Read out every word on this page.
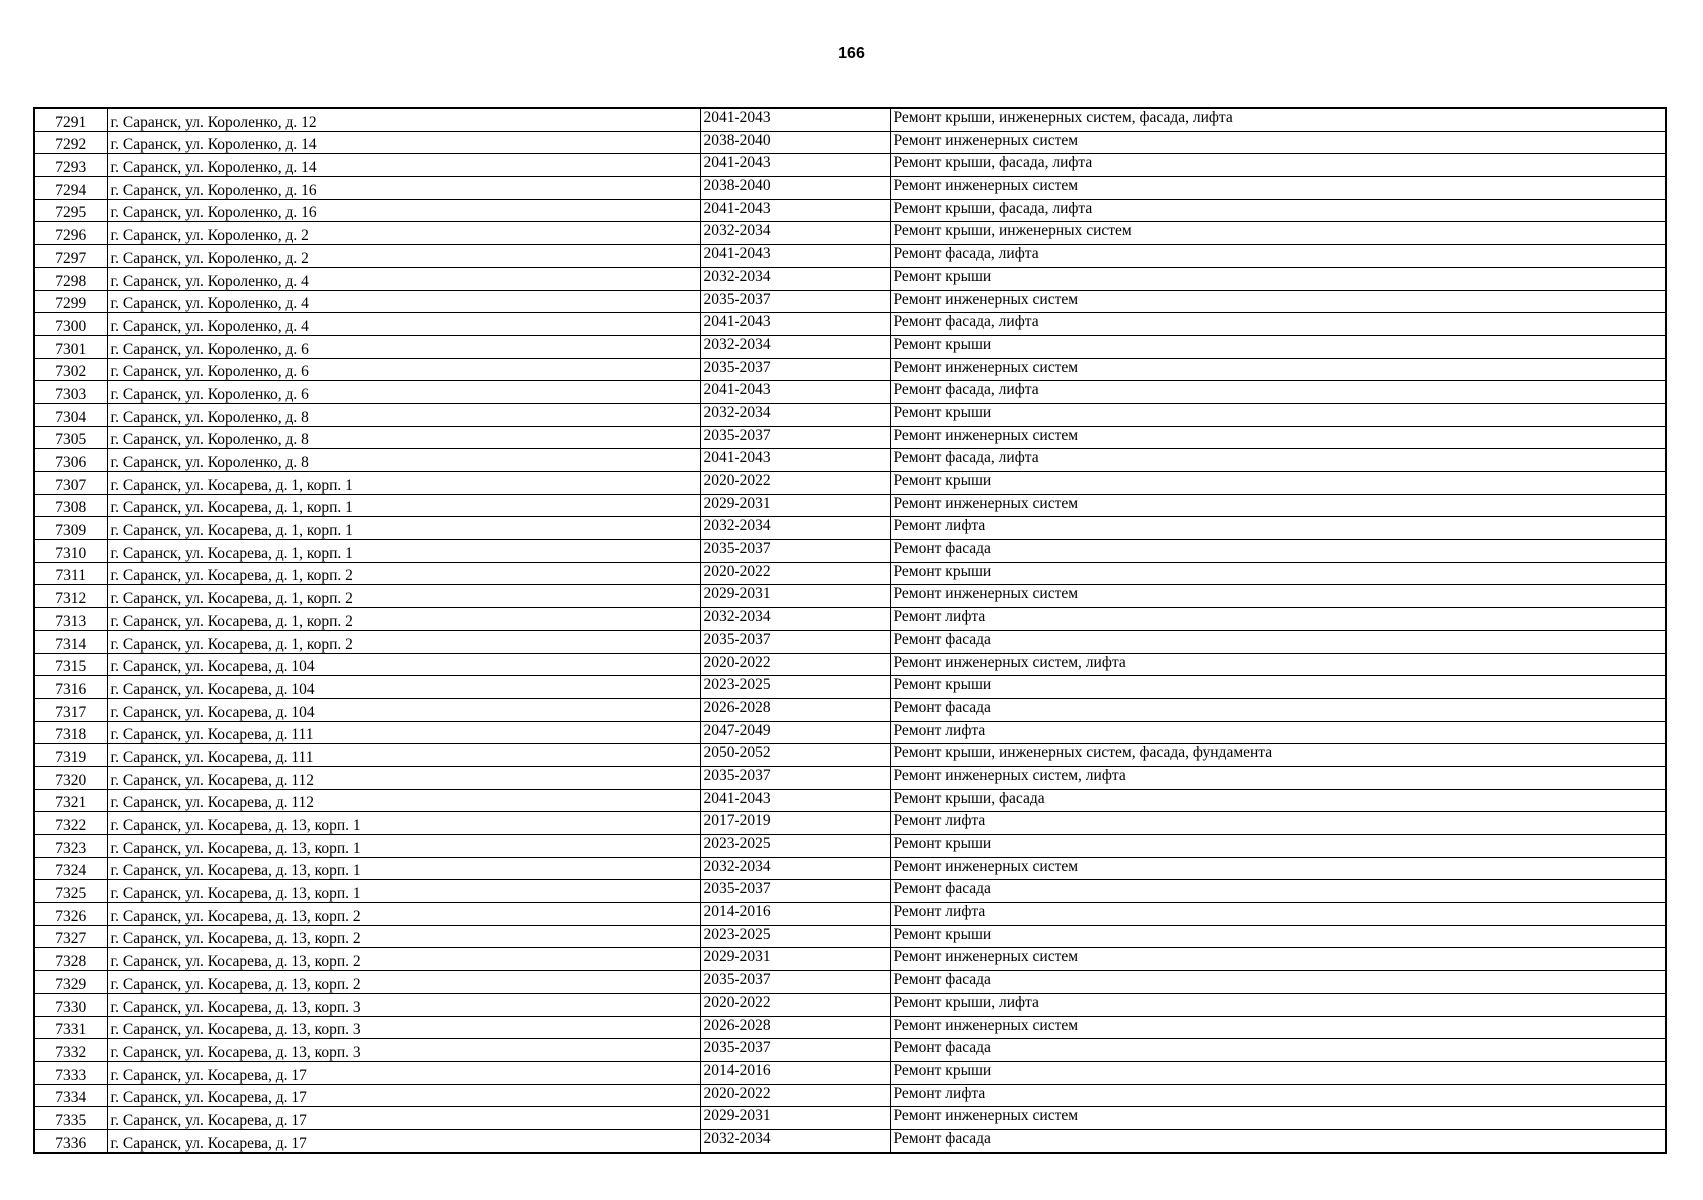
166
7291	г. Саранск, ул. Короленко, д. 12	2041-2043	Ремонт крыши, инженерных систем, фасада, лифта
7292	г. Саранск, ул. Короленко, д. 14	2038-2040	Ремонт инженерных систем
7293	г. Саранск, ул. Короленко, д. 14	2041-2043	Ремонт крыши, фасада, лифта
7294	г. Саранск, ул. Короленко, д. 16	2038-2040	Ремонт инженерных систем
7295	г. Саранск, ул. Короленко, д. 16	2041-2043	Ремонт крыши, фасада, лифта
7296	г. Саранск, ул. Короленко, д. 2	2032-2034	Ремонт крыши, инженерных систем
7297	г. Саранск, ул. Короленко, д. 2	2041-2043	Ремонт фасада, лифта
7298	г. Саранск, ул. Короленко, д. 4	2032-2034	Ремонт крыши
7299	г. Саранск, ул. Короленко, д. 4	2035-2037	Ремонт инженерных систем
7300	г. Саранск, ул. Короленко, д. 4	2041-2043	Ремонт фасада, лифта
7301	г. Саранск, ул. Короленко, д. 6	2032-2034	Ремонт крыши
7302	г. Саранск, ул. Короленко, д. 6	2035-2037	Ремонт инженерных систем
7303	г. Саранск, ул. Короленко, д. 6	2041-2043	Ремонт фасада, лифта
7304	г. Саранск, ул. Короленко, д. 8	2032-2034	Ремонт крыши
7305	г. Саранск, ул. Короленко, д. 8	2035-2037	Ремонт инженерных систем
7306	г. Саранск, ул. Короленко, д. 8	2041-2043	Ремонт фасада, лифта
7307	г. Саранск, ул. Косарева, д. 1, корп. 1	2020-2022	Ремонт крыши
7308	г. Саранск, ул. Косарева, д. 1, корп. 1	2029-2031	Ремонт инженерных систем
7309	г. Саранск, ул. Косарева, д. 1, корп. 1	2032-2034	Ремонт лифта
7310	г. Саранск, ул. Косарева, д. 1, корп. 1	2035-2037	Ремонт фасада
7311	г. Саранск, ул. Косарева, д. 1, корп. 2	2020-2022	Ремонт крыши
7312	г. Саранск, ул. Косарева, д. 1, корп. 2	2029-2031	Ремонт инженерных систем
7313	г. Саранск, ул. Косарева, д. 1, корп. 2	2032-2034	Ремонт лифта
7314	г. Саранск, ул. Косарева, д. 1, корп. 2	2035-2037	Ремонт фасада
7315	г. Саранск, ул. Косарева, д. 104	2020-2022	Ремонт инженерных систем, лифта
7316	г. Саранск, ул. Косарева, д. 104	2023-2025	Ремонт крыши
7317	г. Саранск, ул. Косарева, д. 104	2026-2028	Ремонт фасада
7318	г. Саранск, ул. Косарева, д. 111	2047-2049	Ремонт лифта
7319	г. Саранск, ул. Косарева, д. 111	2050-2052	Ремонт крыши, инженерных систем, фасада, фундамента
7320	г. Саранск, ул. Косарева, д. 112	2035-2037	Ремонт инженерных систем, лифта
7321	г. Саранск, ул. Косарева, д. 112	2041-2043	Ремонт крыши, фасада
7322	г. Саранск, ул. Косарева, д. 13, корп. 1	2017-2019	Ремонт лифта
7323	г. Саранск, ул. Косарева, д. 13, корп. 1	2023-2025	Ремонт крыши
7324	г. Саранск, ул. Косарева, д. 13, корп. 1	2032-2034	Ремонт инженерных систем
7325	г. Саранск, ул. Косарева, д. 13, корп. 1	2035-2037	Ремонт фасада
7326	г. Саранск, ул. Косарева, д. 13, корп. 2	2014-2016	Ремонт лифта
7327	г. Саранск, ул. Косарева, д. 13, корп. 2	2023-2025	Ремонт крыши
7328	г. Саранск, ул. Косарева, д. 13, корп. 2	2029-2031	Ремонт инженерных систем
7329	г. Саранск, ул. Косарева, д. 13, корп. 2	2035-2037	Ремонт фасада
7330	г. Саранск, ул. Косарева, д. 13, корп. 3	2020-2022	Ремонт крыши, лифта
7331	г. Саранск, ул. Косарева, д. 13, корп. 3	2026-2028	Ремонт инженерных систем
7332	г. Саранск, ул. Косарева, д. 13, корп. 3	2035-2037	Ремонт фасада
7333	г. Саранск, ул. Косарева, д. 17	2014-2016	Ремонт крыши
7334	г. Саранск, ул. Косарева, д. 17	2020-2022	Ремонт лифта
7335	г. Саранск, ул. Косарева, д. 17	2029-2031	Ремонт инженерных систем
7336	г. Саранск, ул. Косарева, д. 17	2032-2034	Ремонт фасада
